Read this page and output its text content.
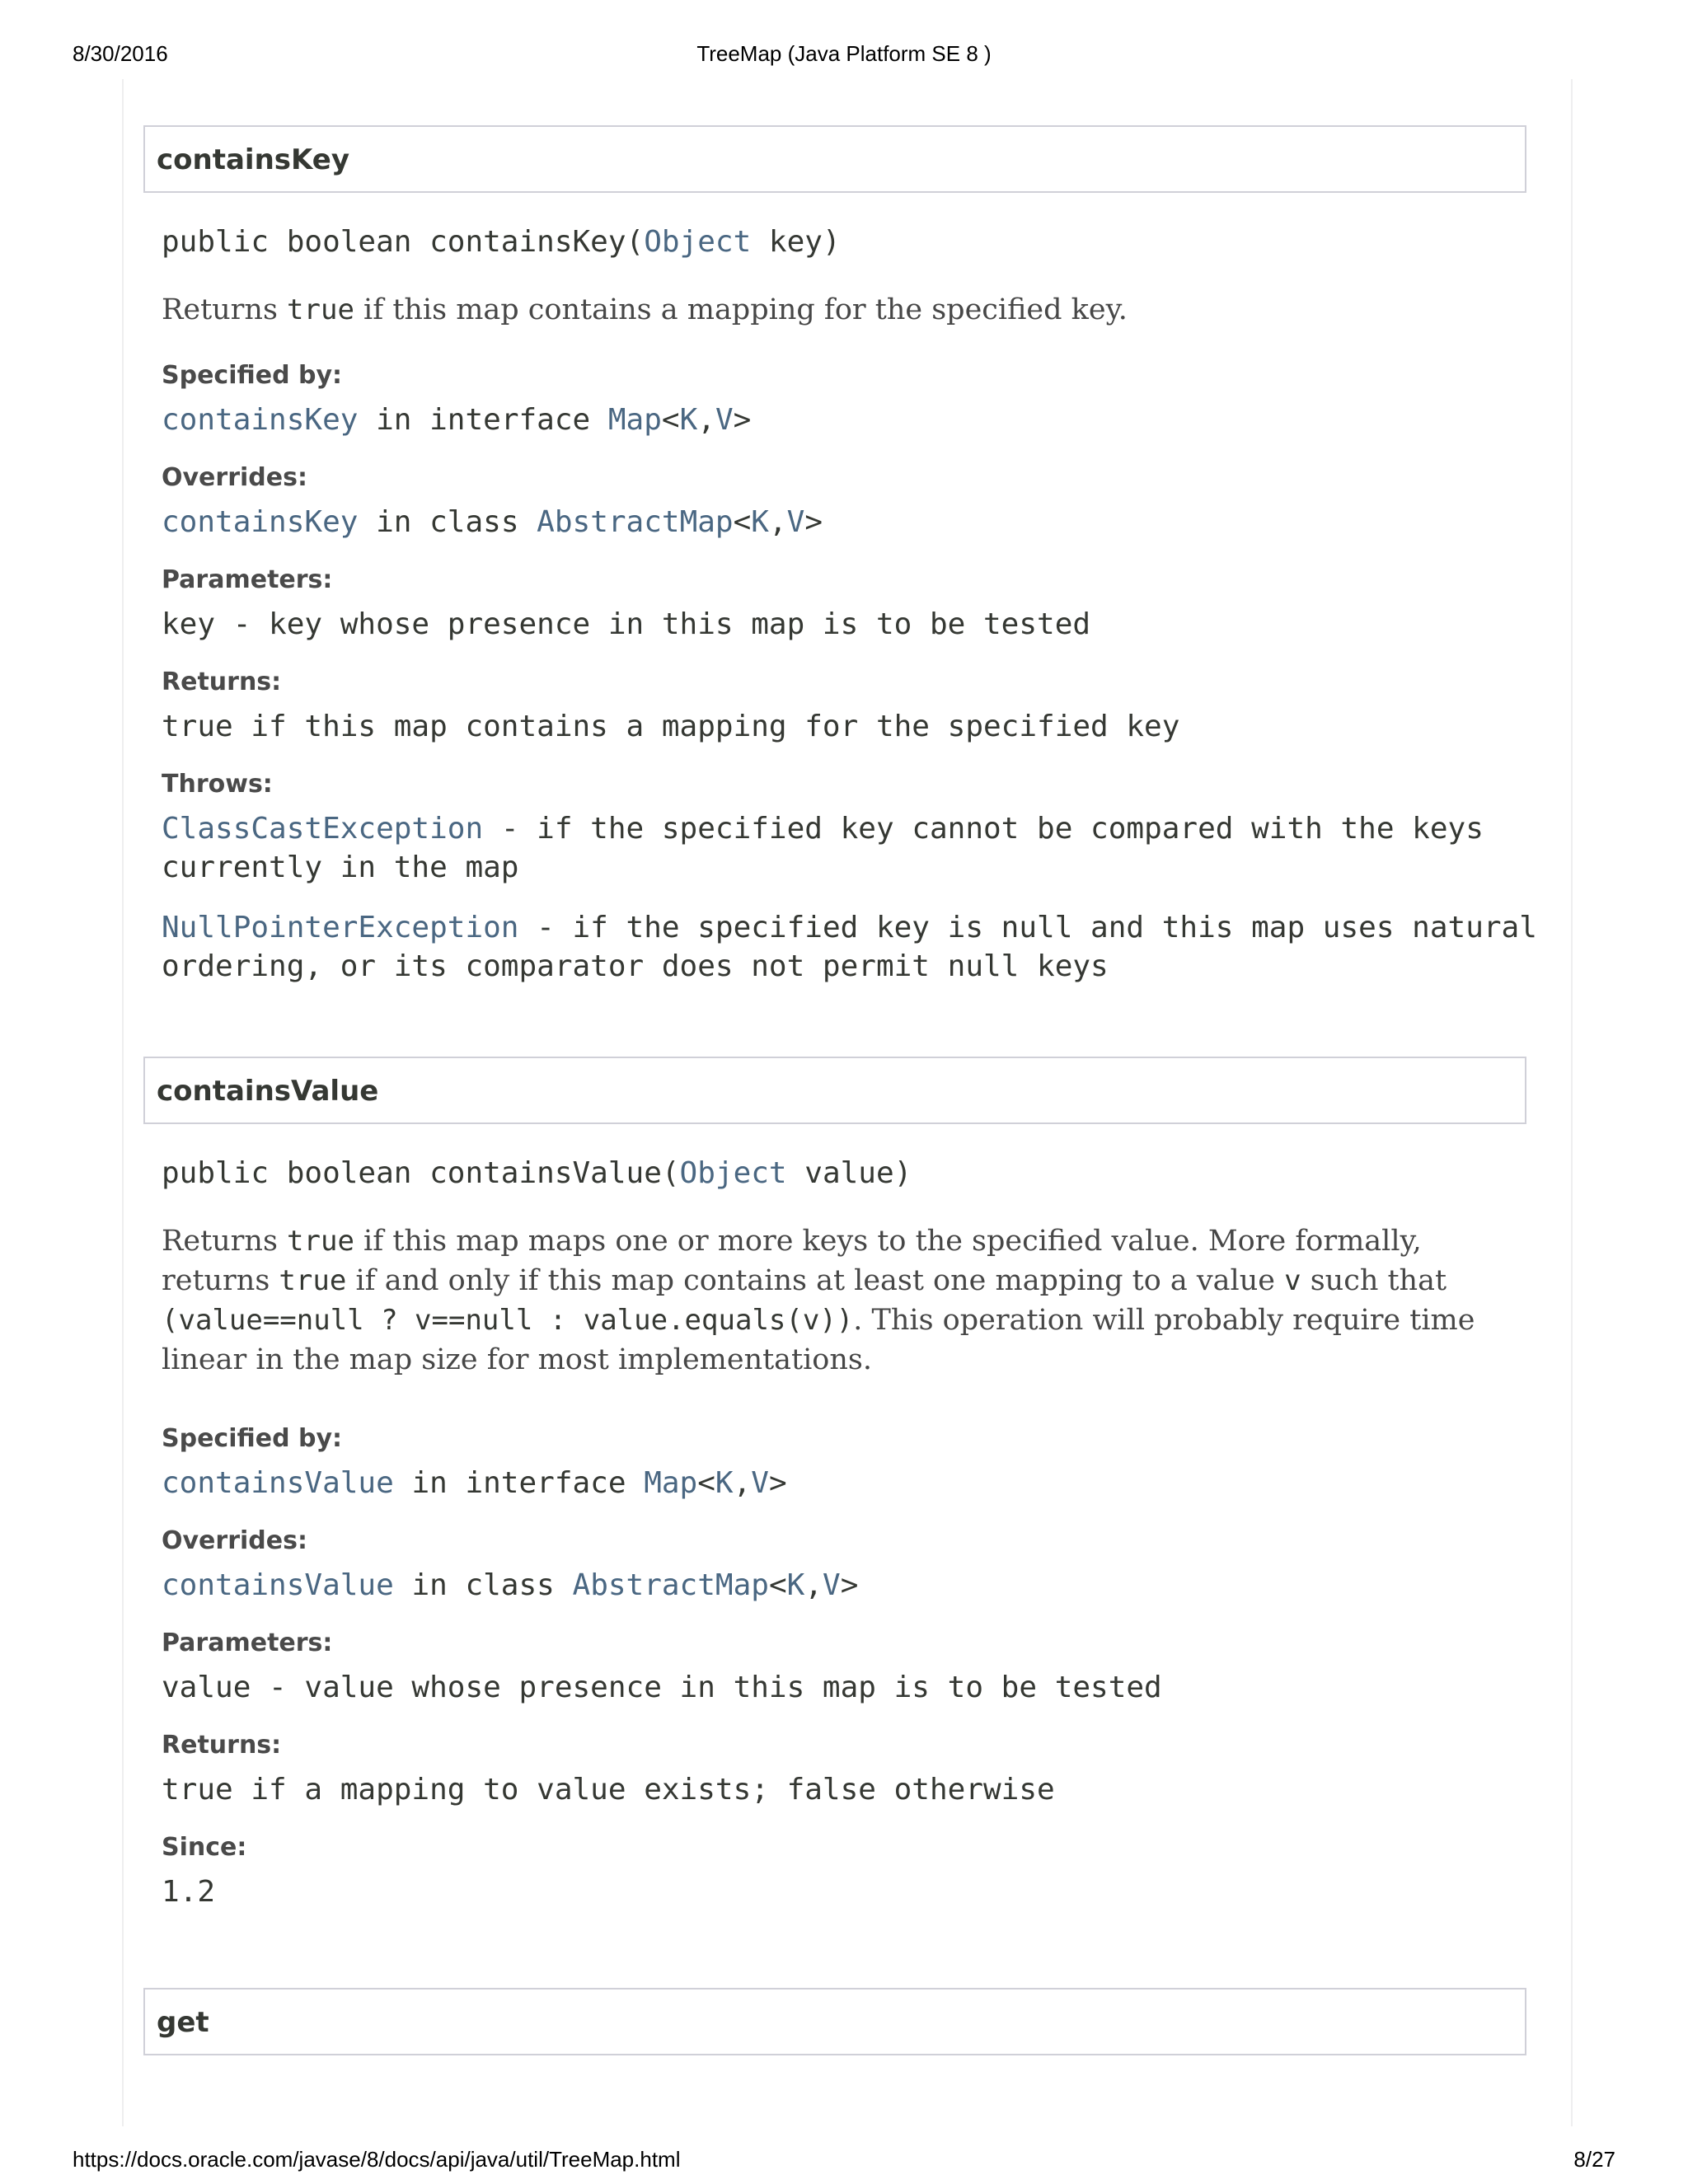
8/30/2016	TreeMap (Java Platform SE 8 )
containsKey
public boolean containsKey(Object key)
Returns true if this map contains a mapping for the specified key.
Specified by:
containsKey in interface Map<K,V>
Overrides:
containsKey in class AbstractMap<K,V>
Parameters:
key - key whose presence in this map is to be tested
Returns:
true if this map contains a mapping for the specified key
Throws:
ClassCastException - if the specified key cannot be compared with the keys
currently in the map
NullPointerException - if the specified key is null and this map uses natural
ordering, or its comparator does not permit null keys
containsValue
public boolean containsValue(Object value)
Returns true if this map maps one or more keys to the specified value. More formally, returns true if and only if this map contains at least one mapping to a value v such that (value==null ? v==null : value.equals(v)). This operation will probably require time linear in the map size for most implementations.
Specified by:
containsValue in interface Map<K,V>
Overrides:
containsValue in class AbstractMap<K,V>
Parameters:
value - value whose presence in this map is to be tested
Returns:
true if a mapping to value exists; false otherwise
Since:
1.2
get
https://docs.oracle.com/javase/8/docs/api/java/util/TreeMap.html	8/27
